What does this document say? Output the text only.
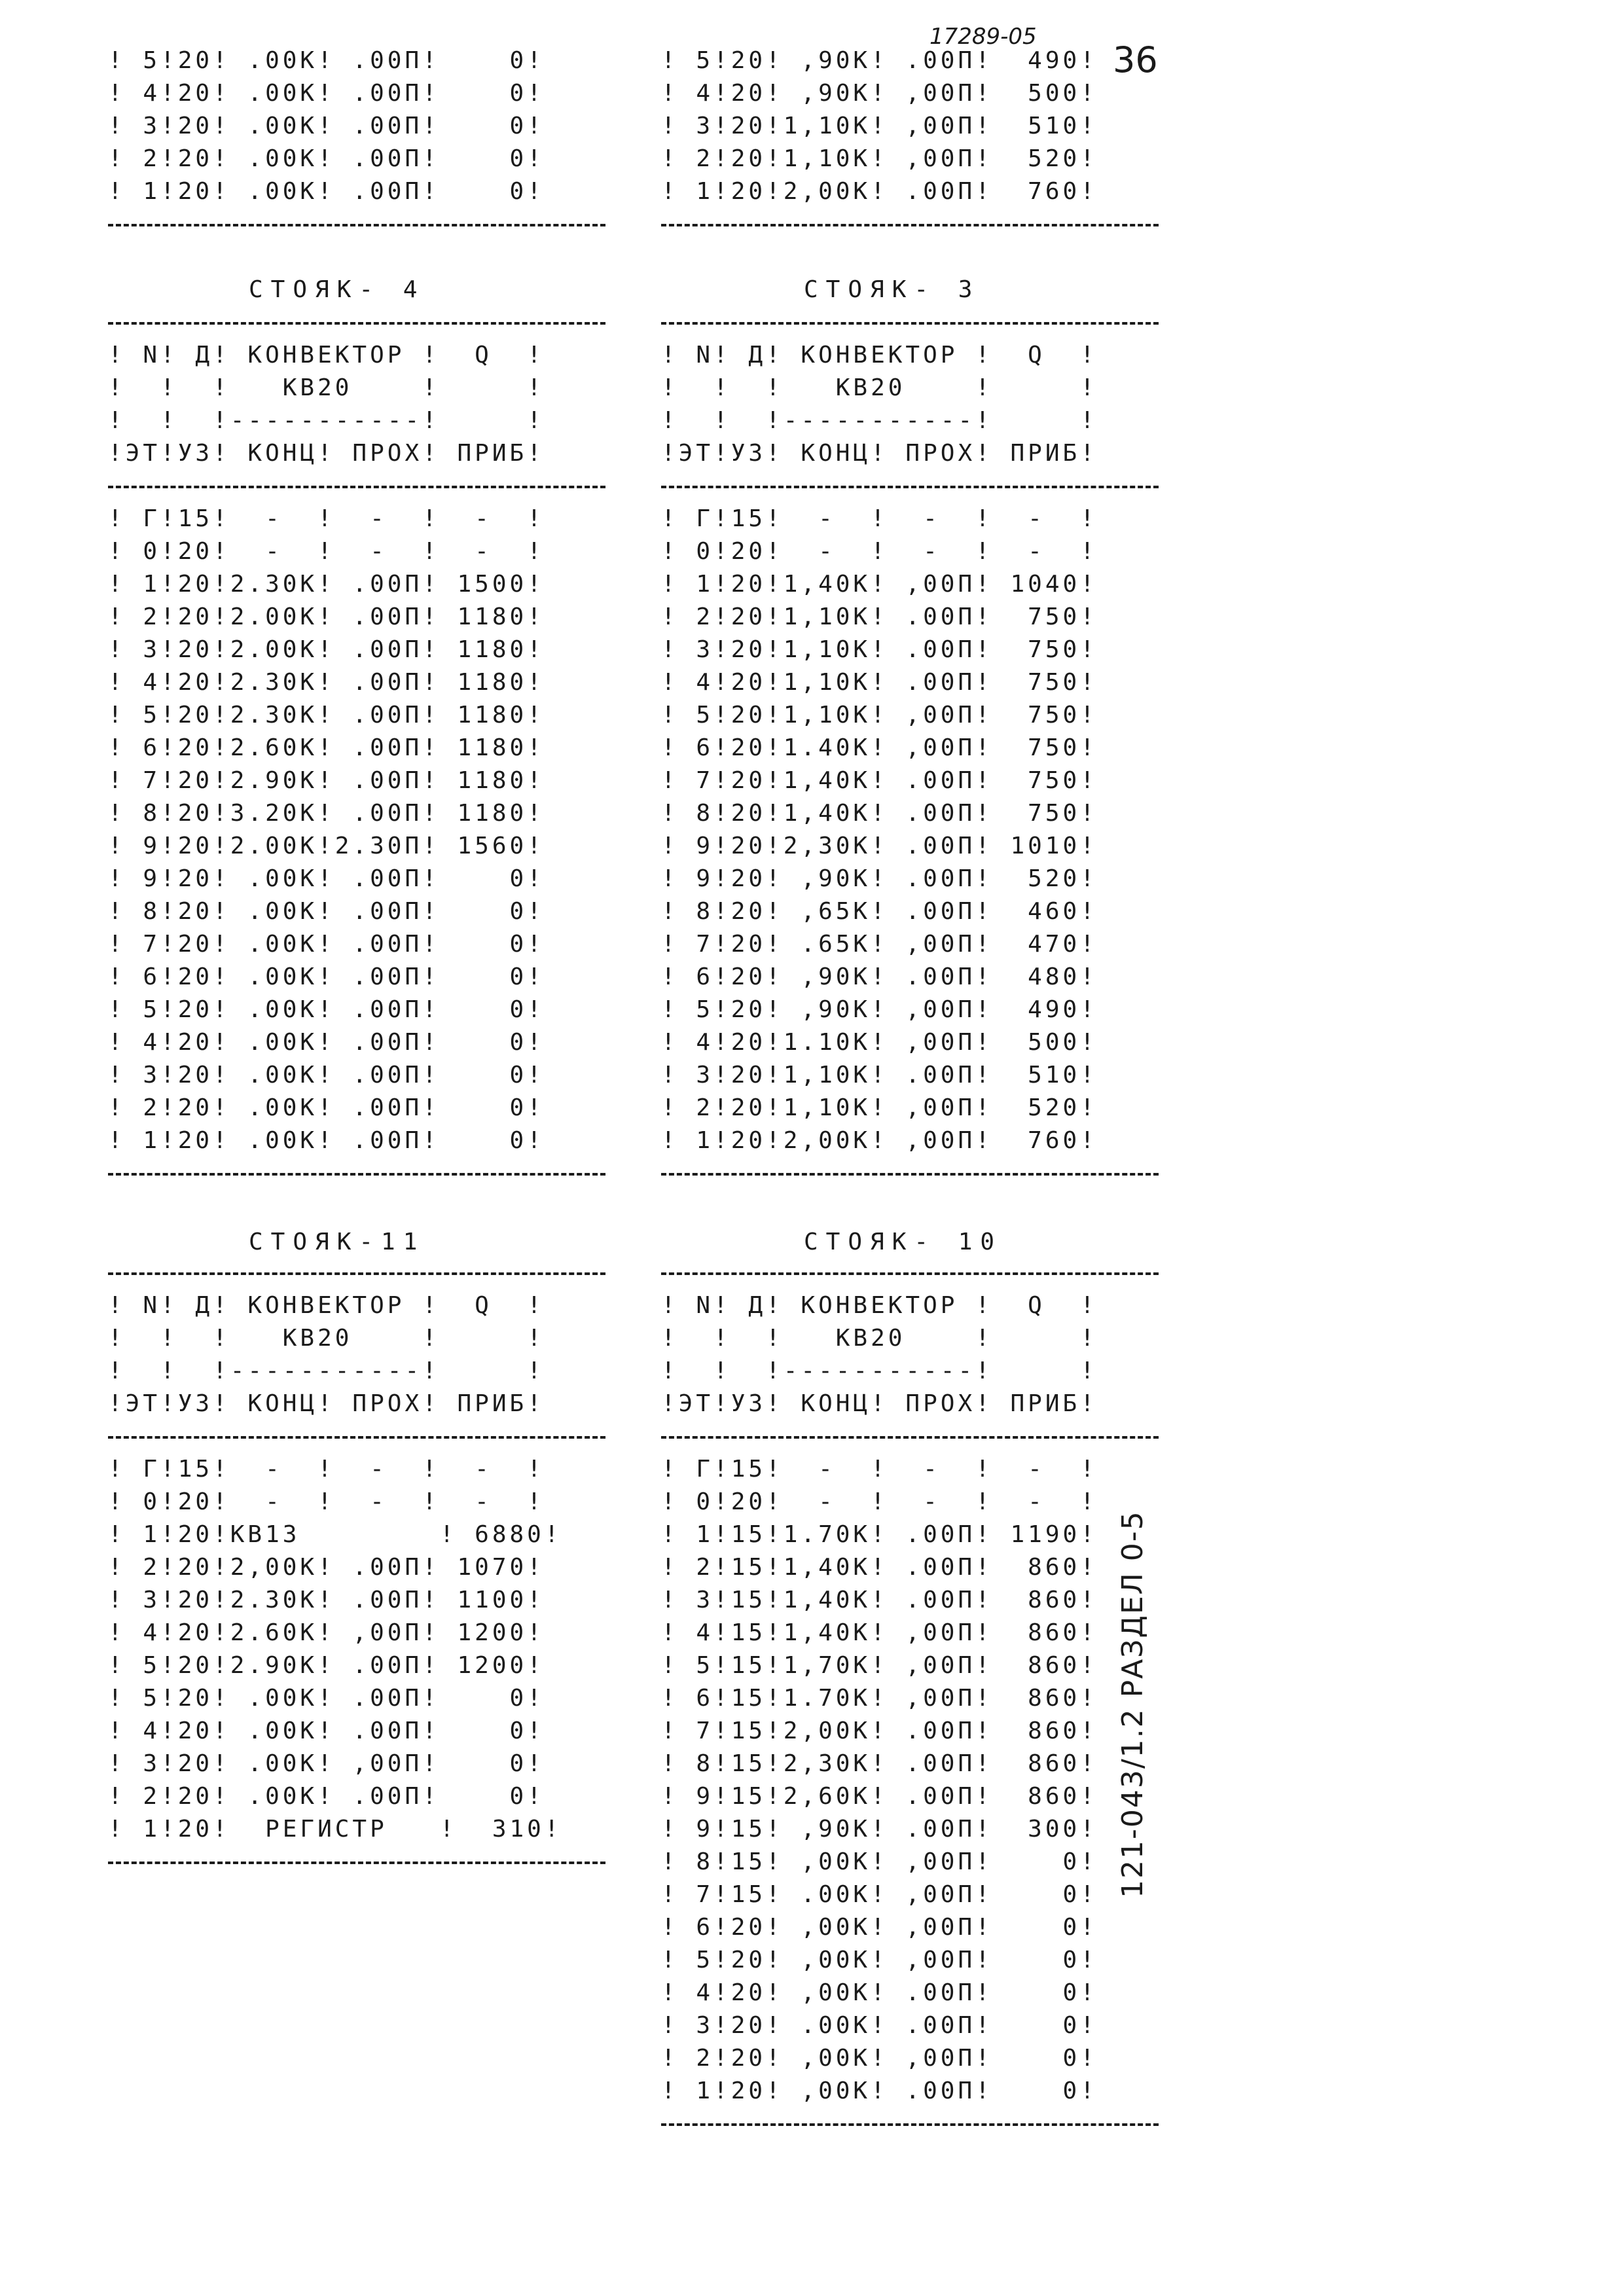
17289-05
36
121-043/1.2 РАЗДЕЛ 0-5
! 5!20! .00K! .00П!    0!
! 4!20! .00K! .00П!    0!
! 3!20! .00K! .00П!    0!
! 2!20! .00K! .00П!    0!
! 1!20! .00K! .00П!    0!
! 5!20! ,90K! .00П!  490!
! 4!20! ,90K! ,00П!  500!
! 3!20!1,10K! ,00П!  510!
! 2!20!1,10K! ,00П!  520!
! 1!20!2,00K! .00П!  760!
СТОЯК- 4
! N! Д! КОНВЕКТОР !  Q  !
!  !  !   КВ20    !     !
!  !  !-----------!     !
!ЭТ!УЗ! КОНЦ! ПРОХ! ПРИБ!
! Г!15!  -  !  -  !  -  !
! 0!20!  -  !  -  !  -  !
! 1!20!2.30K! .00П! 1500!
! 2!20!2.00K! .00П! 1180!
! 3!20!2.00K! .00П! 1180!
! 4!20!2.30K! .00П! 1180!
! 5!20!2.30K! .00П! 1180!
! 6!20!2.60K! .00П! 1180!
! 7!20!2.90K! .00П! 1180!
! 8!20!3.20K! .00П! 1180!
! 9!20!2.00K!2.30П! 1560!
! 9!20! .00K! .00П!    0!
! 8!20! .00K! .00П!    0!
! 7!20! .00K! .00П!    0!
! 6!20! .00K! .00П!    0!
! 5!20! .00K! .00П!    0!
! 4!20! .00K! .00П!    0!
! 3!20! .00K! .00П!    0!
! 2!20! .00K! .00П!    0!
! 1!20! .00K! .00П!    0!
СТОЯК- 3
! N! Д! КОНВЕКТОР !  Q  !
!  !  !   КВ20    !     !
!  !  !-----------!     !
!ЭТ!УЗ! КОНЦ! ПРОХ! ПРИБ!
! Г!15!  -  !  -  !  -  !
! 0!20!  -  !  -  !  -  !
! 1!20!1,40K! ,00П! 1040!
! 2!20!1,10K! .00П!  750!
! 3!20!1,10K! .00П!  750!
! 4!20!1,10K! .00П!  750!
! 5!20!1,10K! ,00П!  750!
! 6!20!1.40K! ,00П!  750!
! 7!20!1,40K! .00П!  750!
! 8!20!1,40K! .00П!  750!
! 9!20!2,30K! .00П! 1010!
! 9!20! ,90K! .00П!  520!
! 8!20! ,65K! .00П!  460!
! 7!20! .65K! ,00П!  470!
! 6!20! ,90K! .00П!  480!
! 5!20! ,90K! ,00П!  490!
! 4!20!1.10K! ,00П!  500!
! 3!20!1,10K! .00П!  510!
! 2!20!1,10K! ,00П!  520!
! 1!20!2,00K! ,00П!  760!
СТОЯК-11
! N! Д! КОНВЕКТОР !  Q  !
!  !  !   КВ20    !     !
!  !  !-----------!     !
!ЭТ!УЗ! КОНЦ! ПРОХ! ПРИБ!
! Г!15!  -  !  -  !  -  !
! 0!20!  -  !  -  !  -  !
! 1!20!КВ13        ! 6880!
! 2!20!2,00K! .00П! 1070!
! 3!20!2.30K! .00П! 1100!
! 4!20!2.60K! ,00П! 1200!
! 5!20!2.90K! .00П! 1200!
! 5!20! .00K! .00П!    0!
! 4!20! .00K! .00П!    0!
! 3!20! .00K! ,00П!    0!
! 2!20! .00K! .00П!    0!
! 1!20!  РЕГИСТР   !  310!
СТОЯК- 10
! N! Д! КОНВЕКТОР !  Q  !
!  !  !   КВ20    !     !
!  !  !-----------!     !
!ЭТ!УЗ! КОНЦ! ПРОХ! ПРИБ!
! Г!15!  -  !  -  !  -  !
! 0!20!  -  !  -  !  -  !
! 1!15!1.70K! .00П! 1190!
! 2!15!1,40K! .00П!  860!
! 3!15!1,40K! .00П!  860!
! 4!15!1,40K! ,00П!  860!
! 5!15!1,70K! ,00П!  860!
! 6!15!1.70K! ,00П!  860!
! 7!15!2,00K! .00П!  860!
! 8!15!2,30K! .00П!  860!
! 9!15!2,60K! .00П!  860!
! 9!15! ,90K! .00П!  300!
! 8!15! ,00K! ,00П!    0!
! 7!15! .00K! ,00П!    0!
! 6!20! ,00K! ,00П!    0!
! 5!20! ,00K! ,00П!    0!
! 4!20! ,00K! .00П!    0!
! 3!20! .00K! .00П!    0!
! 2!20! ,00K! ,00П!    0!
! 1!20! ,00K! .00П!    0!
